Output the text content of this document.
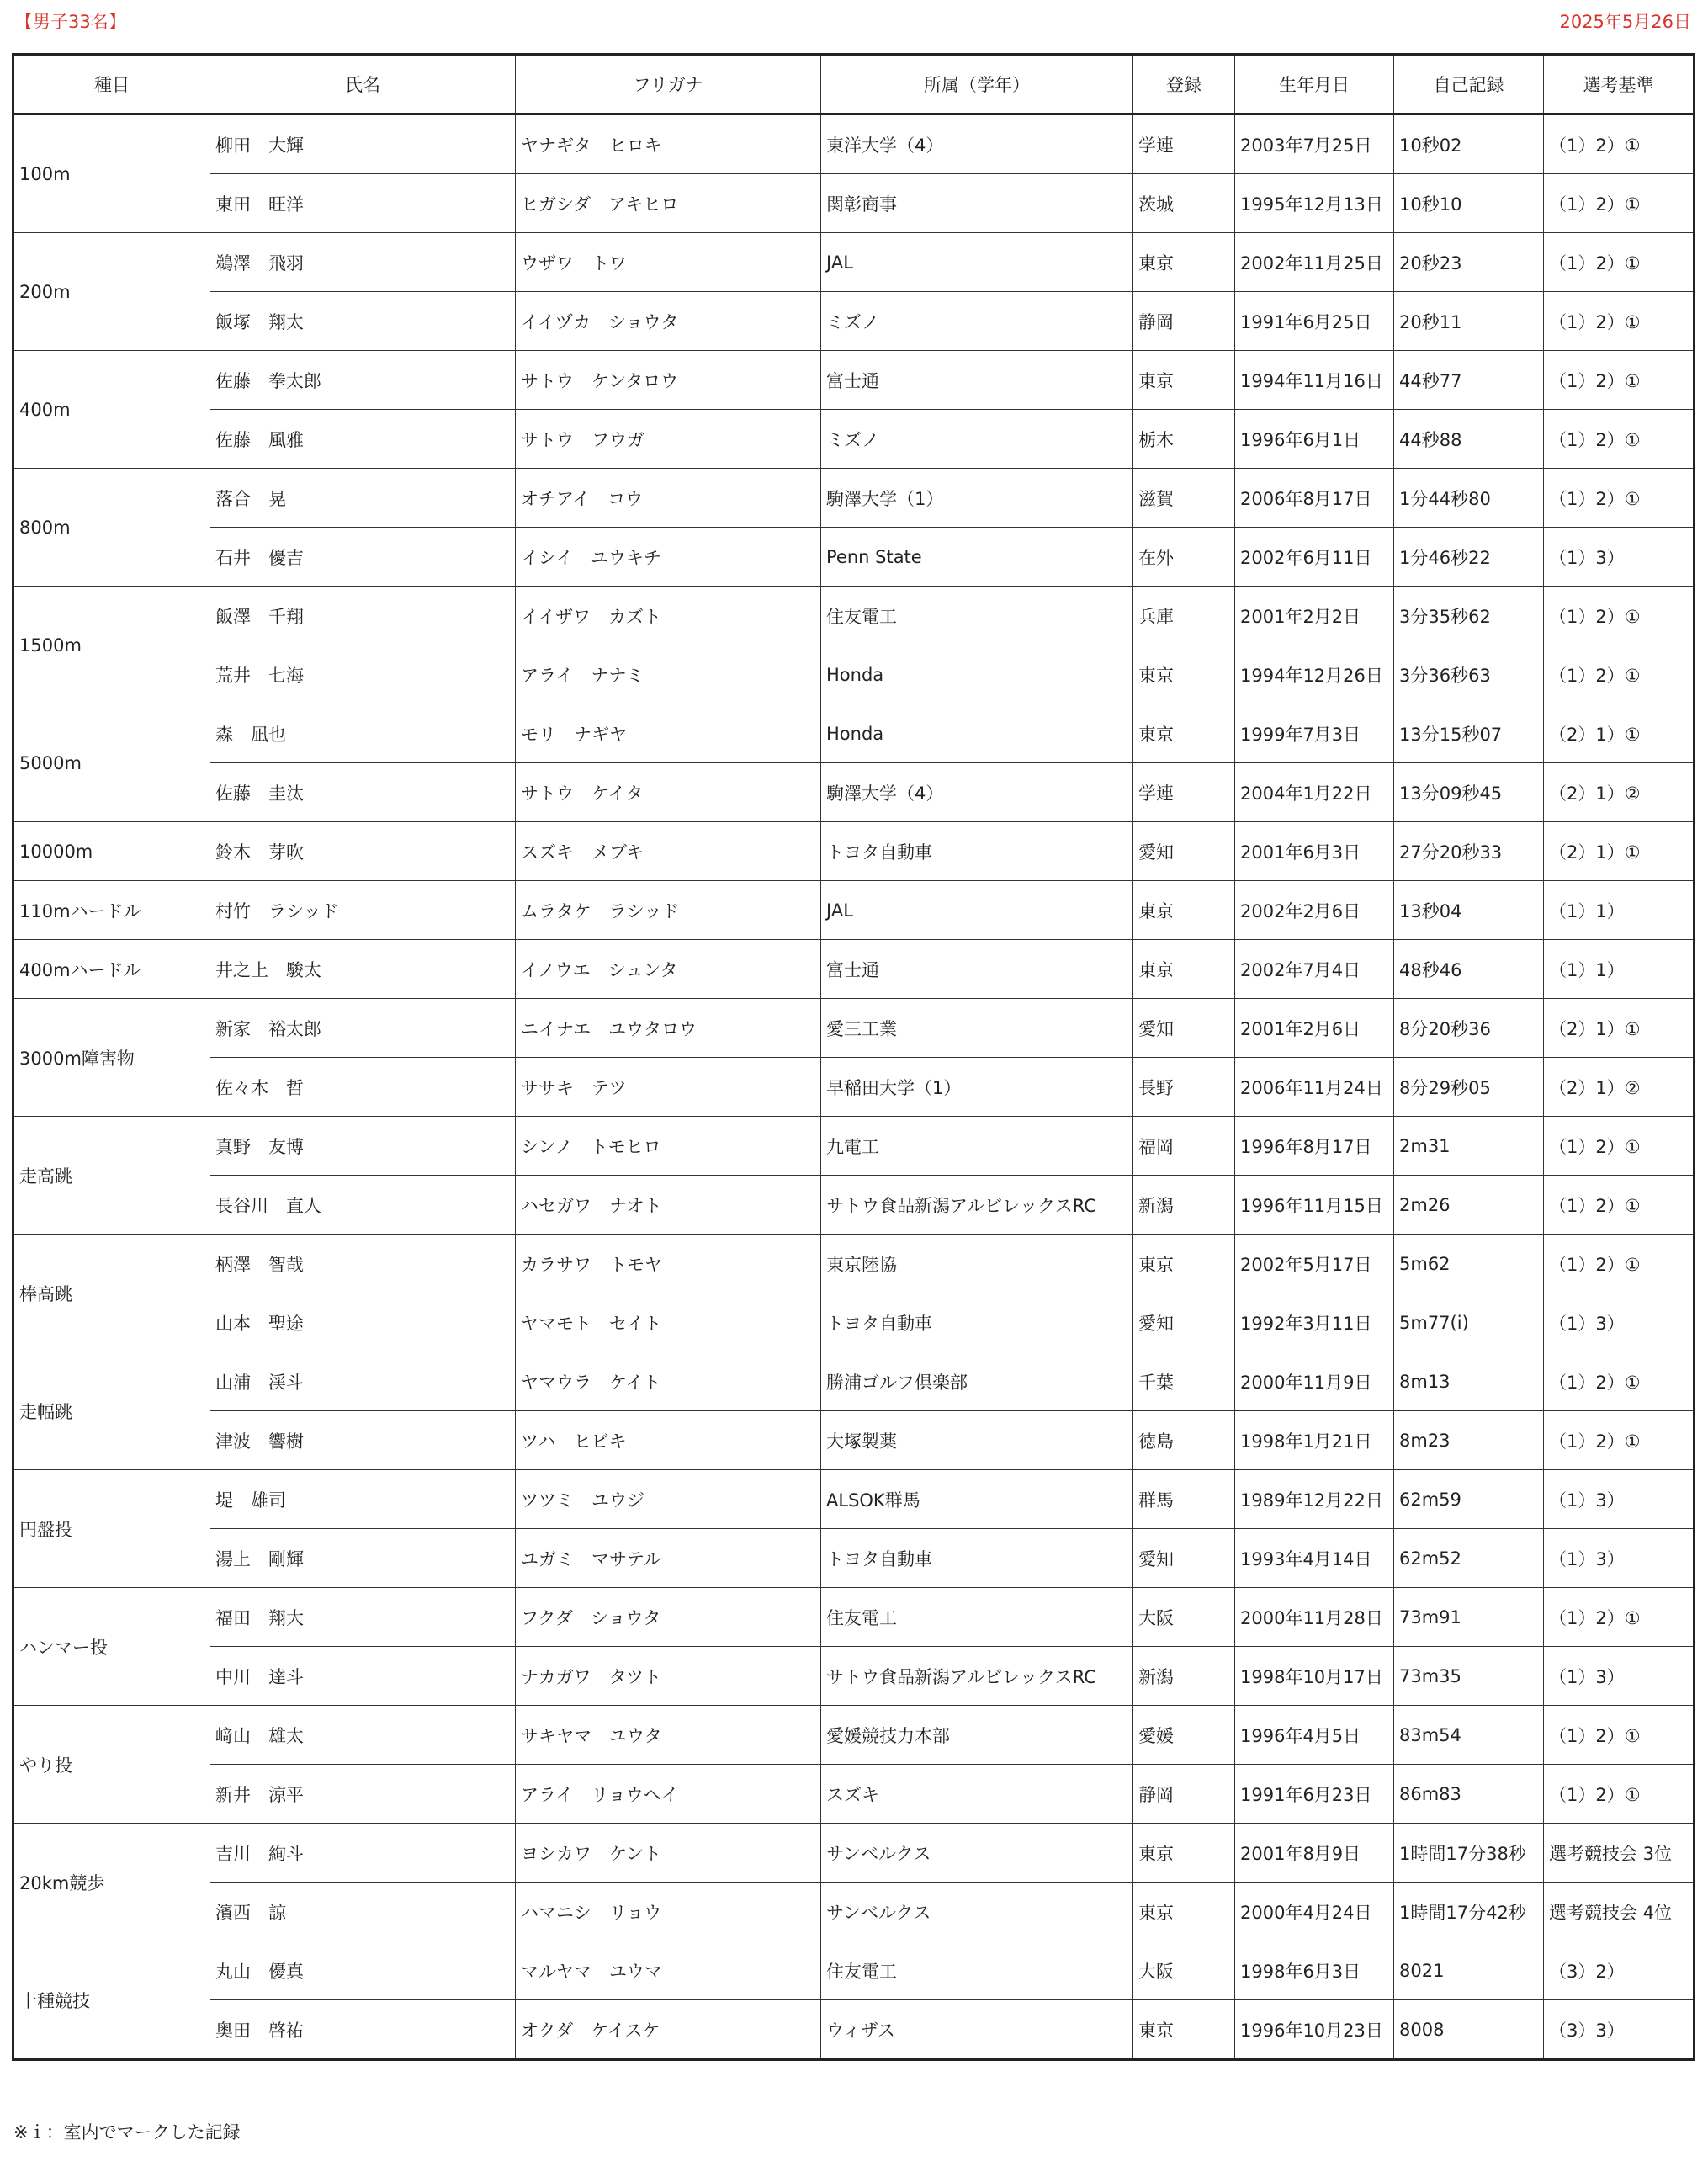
【男子33名】	2025年5月26日
種目	氏名	フリガナ	所属（学年）	登録	生年月日	自己記録	選考基準
100m	柳田　大輝	ヤナギタ　ヒロキ	東洋大学（4）	学連	2003年7月25日	10秒02	（1）2）①
	東田　旺洋	ヒガシダ　アキヒロ	関彰商事	茨城	1995年12月13日	10秒10	（1）2）①
200m	鵜澤　飛羽	ウザワ　トワ	JAL	東京	2002年11月25日	20秒23	（1）2）①
	飯塚　翔太	イイヅカ　ショウタ	ミズノ	静岡	1991年6月25日	20秒11	（1）2）①
400m	佐藤　拳太郎	サトウ　ケンタロウ	富士通	東京	1994年11月16日	44秒77	（1）2）①
	佐藤　風雅	サトウ　フウガ	ミズノ	栃木	1996年6月1日	44秒88	（1）2）①
800m	落合　晃	オチアイ　コウ	駒澤大学（1）	滋賀	2006年8月17日	1分44秒80	（1）2）①
	石井　優吉	イシイ　ユウキチ	Penn State	在外	2002年6月11日	1分46秒22	（1）3）
1500m	飯澤　千翔	イイザワ　カズト	住友電工	兵庫	2001年2月2日	3分35秒62	（1）2）①
	荒井　七海	アライ　ナナミ	Honda	東京	1994年12月26日	3分36秒63	（1）2）①
5000m	森　凪也	モリ　ナギヤ	Honda	東京	1999年7月3日	13分15秒07	（2）1）①
	佐藤　圭汰	サトウ　ケイタ	駒澤大学（4）	学連	2004年1月22日	13分09秒45	（2）1）②
10000m	鈴木　芽吹	スズキ　メブキ	トヨタ自動車	愛知	2001年6月3日	27分20秒33	（2）1）①
110mハードル	村竹　ラシッド	ムラタケ　ラシッド	JAL	東京	2002年2月6日	13秒04	（1）1）
400mハードル	井之上　駿太	イノウエ　シュンタ	富士通	東京	2002年7月4日	48秒46	（1）1）
3000m障害物	新家　裕太郎	ニイナエ　ユウタロウ	愛三工業	愛知	2001年2月6日	8分20秒36	（2）1）①
	佐々木　哲	ササキ　テツ	早稲田大学（1）	長野	2006年11月24日	8分29秒05	（2）1）②
走高跳	真野　友博	シンノ　トモヒロ	九電工	福岡	1996年8月17日	2m31	（1）2）①
	長谷川　直人	ハセガワ　ナオト	サトウ食品新潟アルビレックスRC	新潟	1996年11月15日	2m26	（1）2）①
棒高跳	柄澤　智哉	カラサワ　トモヤ	東京陸協	東京	2002年5月17日	5m62	（1）2）①
	山本　聖途	ヤマモト　セイト	トヨタ自動車	愛知	1992年3月11日	5m77(i)	（1）3）
走幅跳	山浦　渓斗	ヤマウラ　ケイト	勝浦ゴルフ倶楽部	千葉	2000年11月9日	8m13	（1）2）①
	津波　響樹	ツハ　ヒビキ	大塚製薬	徳島	1998年1月21日	8m23	（1）2）①
円盤投	堤　雄司	ツツミ　ユウジ	ALSOK群馬	群馬	1989年12月22日	62m59	（1）3）
	湯上　剛輝	ユガミ　マサテル	トヨタ自動車	愛知	1993年4月14日	62m52	（1）3）
ハンマー投	福田　翔大	フクダ　ショウタ	住友電工	大阪	2000年11月28日	73m91	（1）2）①
	中川　達斗	ナカガワ　タツト	サトウ食品新潟アルビレックスRC	新潟	1998年10月17日	73m35	（1）3）
やり投	﨑山　雄太	サキヤマ　ユウタ	愛媛競技力本部	愛媛	1996年4月5日	83m54	（1）2）①
	新井　涼平	アライ　リョウヘイ	スズキ	静岡	1991年6月23日	86m83	（1）2）①
20km競歩	吉川　絢斗	ヨシカワ　ケント	サンベルクス	東京	2001年8月9日	1時間17分38秒	選考競技会 3位
	濱西　諒	ハマニシ　リョウ	サンベルクス	東京	2000年4月24日	1時間17分42秒	選考競技会 4位
十種競技	丸山　優真	マルヤマ　ユウマ	住友電工	大阪	1998年6月3日	8021	（3）2）
	奥田　啓祐	オクダ　ケイスケ	ウィザス	東京	1996年10月23日	8008	（3）3）
※ｉ：室内でマークした記録
